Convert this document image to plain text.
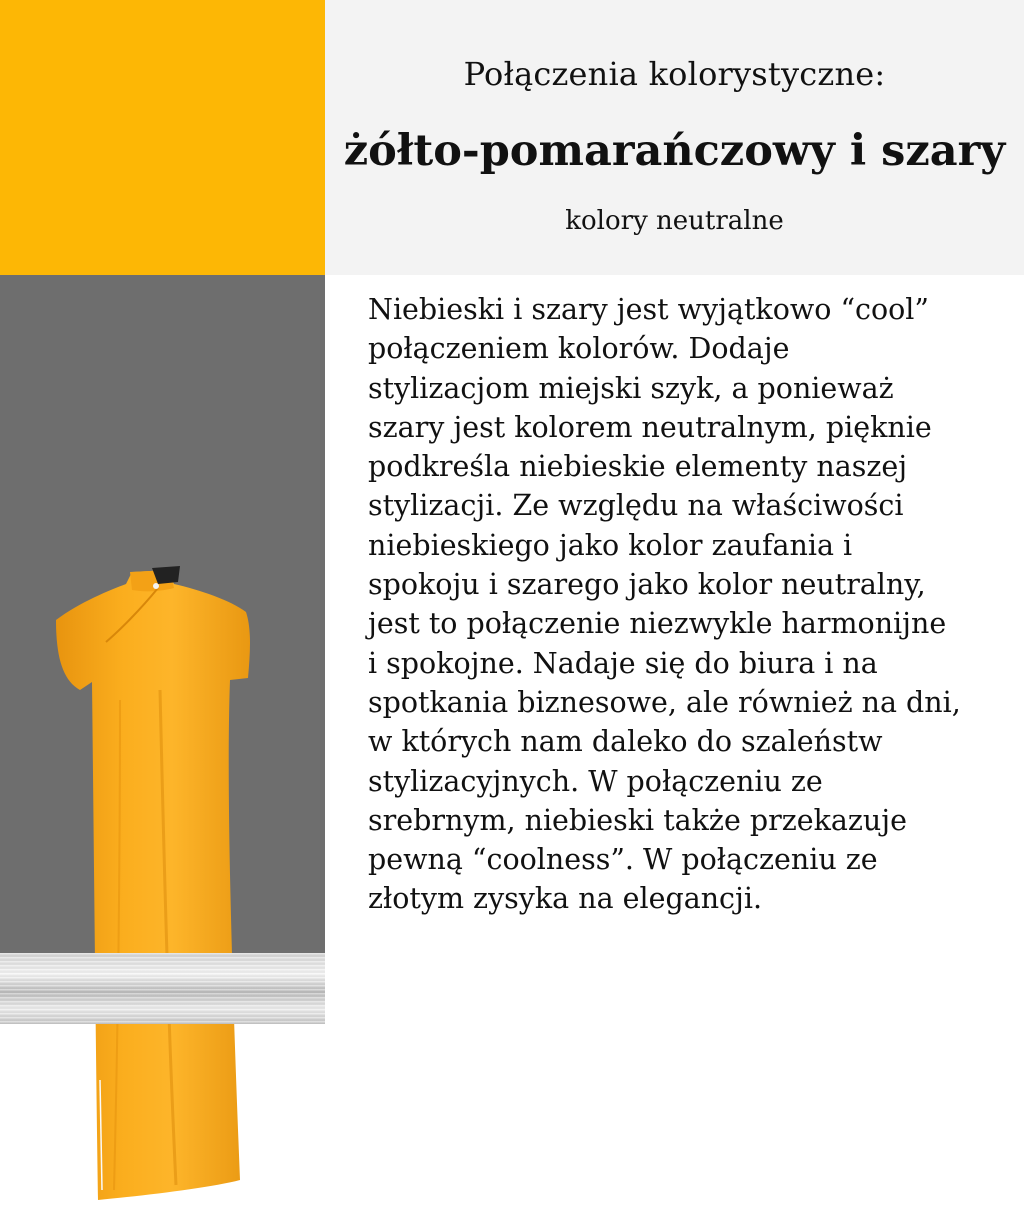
Połączenia kolorystyczne:
żółto-pomarańczowy i szary
kolory neutralne
Niebieski i szary jest wyjątkowo “cool”
połączeniem kolorów. Dodaje
stylizacjom miejski szyk, a ponieważ
szary jest kolorem neutralnym, pięknie
podkreśla niebieskie elementy naszej
stylizacji. Ze względu na właściwości
niebieskiego jako kolor zaufania i
spokoju i szarego jako kolor neutralny,
jest to połączenie niezwykle harmonijne
i spokojne. Nadaje się do biura i na
spotkania biznesowe, ale również na dni,
w których nam daleko do szaleństw
stylizacyjnych. W połączeniu ze
srebrnym, niebieski także przekazuje
pewną “coolness”. W połączeniu ze
złotym zysyka na elegancji.
